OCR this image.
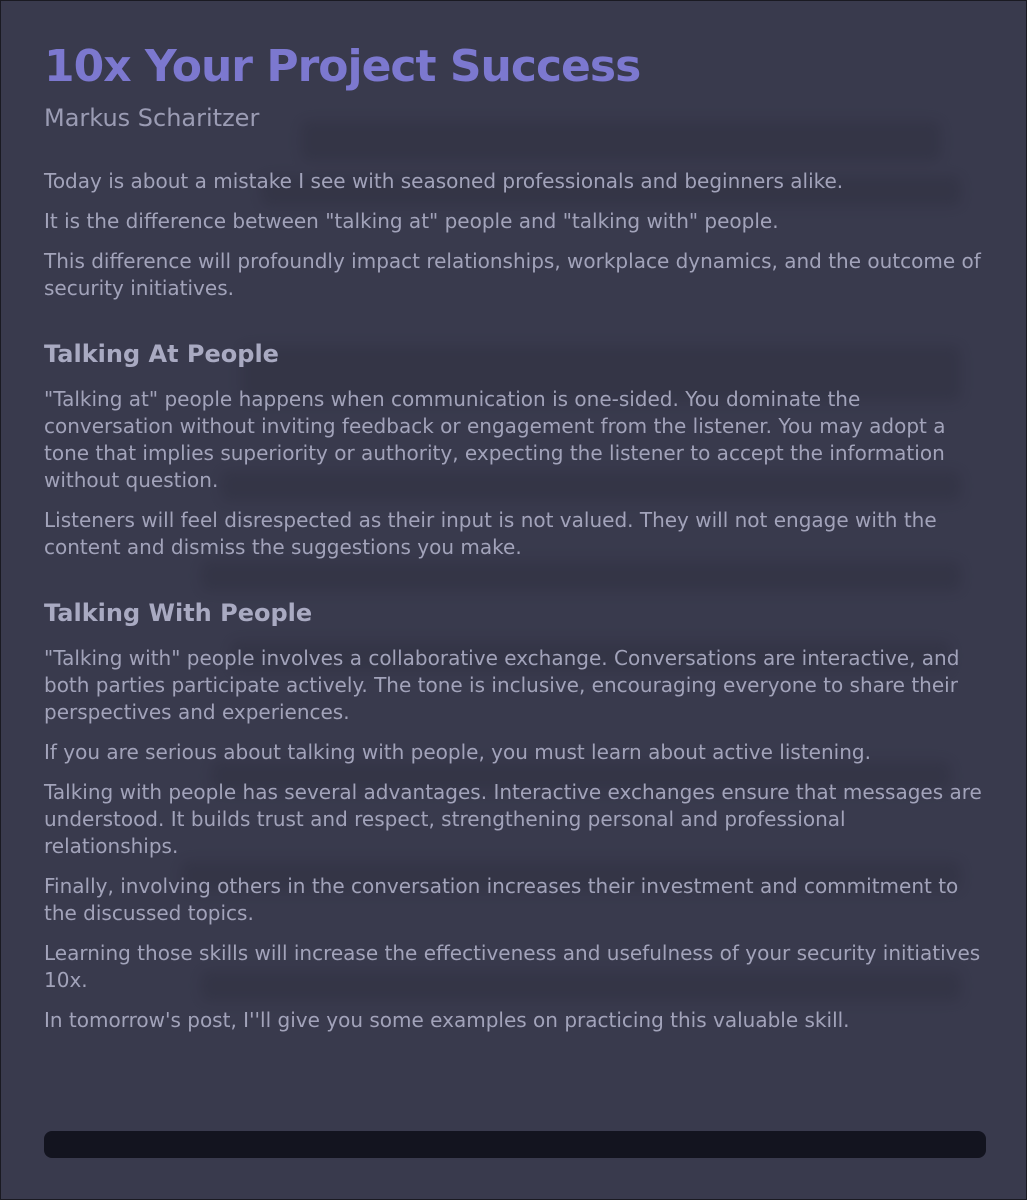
10x Your Project Success
Markus Scharitzer

Today is about a mistake I see with seasoned professionals and beginners alike.

It is the difference between "talking at" people and "talking with" people.

This difference will profoundly impact relationships, workplace dynamics, and the outcome of security initiatives.

Talking At People

"Talking at" people happens when communication is one-sided. You dominate the conversation without inviting feedback or engagement from the listener. You may adopt a tone that implies superiority or authority, expecting the listener to accept the information without question.

Listeners will feel disrespected as their input is not valued. They will not engage with the content and dismiss the suggestions you make.

Talking With People

"Talking with" people involves a collaborative exchange. Conversations are interactive, and both parties participate actively. The tone is inclusive, encouraging everyone to share their perspectives and experiences.

If you are serious about talking with people, you must learn about active listening.

Talking with people has several advantages. Interactive exchanges ensure that messages are understood. It builds trust and respect, strengthening personal and professional relationships.

Finally, involving others in the conversation increases their investment and commitment to the discussed topics.

Learning those skills will increase the effectiveness and usefulness of your security initiatives 10x.

In tomorrow's post, I''ll give you some examples on practicing this valuable skill.
